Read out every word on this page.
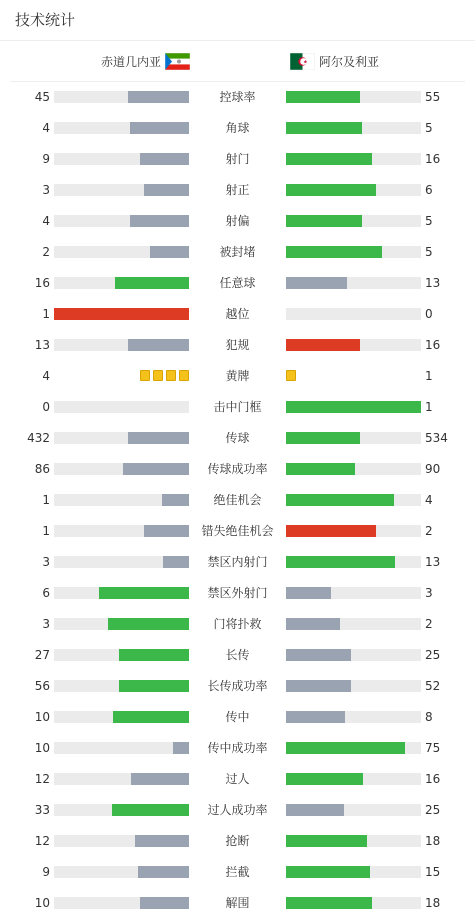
技术统计
赤道几内亚	阿尔及利亚
45	控球率	55
4	角球	5
9	射门	16
3	射正	6
4	射偏	5
2	被封堵	5
16	任意球	13
1	越位	0
13	犯规	16
4	黄牌	1
0	击中门框	1
432	传球	534
86	传球成功率	90
1	绝佳机会	4
1	错失绝佳机会	2
3	禁区内射门	13
6	禁区外射门	3
3	门将扑救	2
27	长传	25
56	长传成功率	52
10	传中	8
10	传中成功率	75
12	过人	16
33	过人成功率	25
12	抢断	18
9	拦截	15
10	解围	18
